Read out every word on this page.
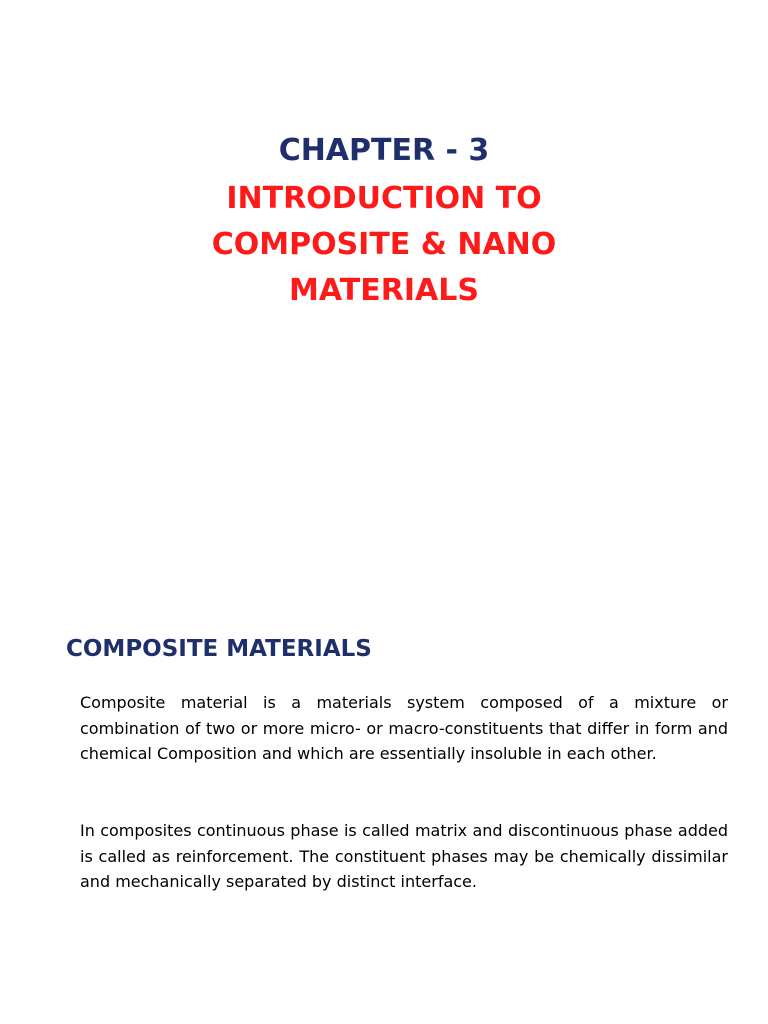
CHAPTER - 3
INTRODUCTION TO
COMPOSITE & NANO
MATERIALS
COMPOSITE MATERIALS

Composite material is a materials system composed of a mixture or combination of two or more micro- or macro-constituents that differ in form and chemical Composition and which are essentially insoluble in each other.

In composites continuous phase is called matrix and discontinuous phase added is called as reinforcement. The constituent phases may be chemically dissimilar and mechanically separated by distinct interface.
